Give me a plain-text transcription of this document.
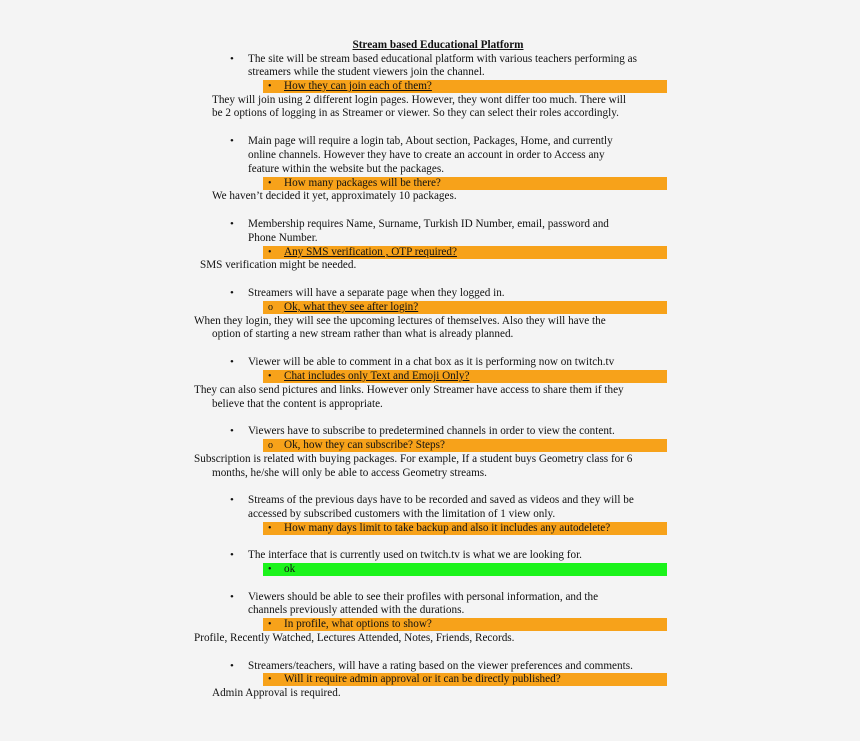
Stream based Educational Platform
• The site will be stream based educational platform with various teachers performing as
streamers while the student viewers join the channel.
• How they can join each of them?
They will join using 2 different login pages. However, they wont differ too much. There will
be 2 options of logging in as Streamer or viewer. So they can select their roles accordingly.
• Main page will require a login tab, About section, Packages, Home, and currently
online channels. However they have to create an account in order to Access any
feature within the website but the packages.
• How many packages will be there?
We haven’t decided it yet, approximately 10 packages.
• Membership requires Name, Surname, Turkish ID Number, email, password and
Phone Number.
• Any SMS verification , OTP required?
SMS verification might be needed.
• Streamers will have a separate page when they logged in.
o Ok, what they see after login?
When they login, they will see the upcoming lectures of themselves. Also they will have the
option of starting a new stream rather than what is already planned.
• Viewer will be able to comment in a chat box as it is performing now on twitch.tv
• Chat includes only Text and Emoji Only?
They can also send pictures and links. However only Streamer have access to share them if they
believe that the content is appropriate.
• Viewers have to subscribe to predetermined channels in order to view the content.
o Ok, how they can subscribe? Steps?
Subscription is related with buying packages. For example, If a student buys Geometry class for 6
months, he/she will only be able to access Geometry streams.
• Streams of the previous days have to be recorded and saved as videos and they will be
accessed by subscribed customers with the limitation of 1 view only.
• How many days limit to take backup and also it includes any autodelete?
• The interface that is currently used on twitch.tv is what we are looking for.
• ok
• Viewers should be able to see their profiles with personal information, and the
channels previously attended with the durations.
• In profile, what options to show?
Profile, Recently Watched, Lectures Attended, Notes, Friends, Records.
• Streamers/teachers, will have a rating based on the viewer preferences and comments.
• Will it require admin approval or it can be directly published?
Admin Approval is required.
